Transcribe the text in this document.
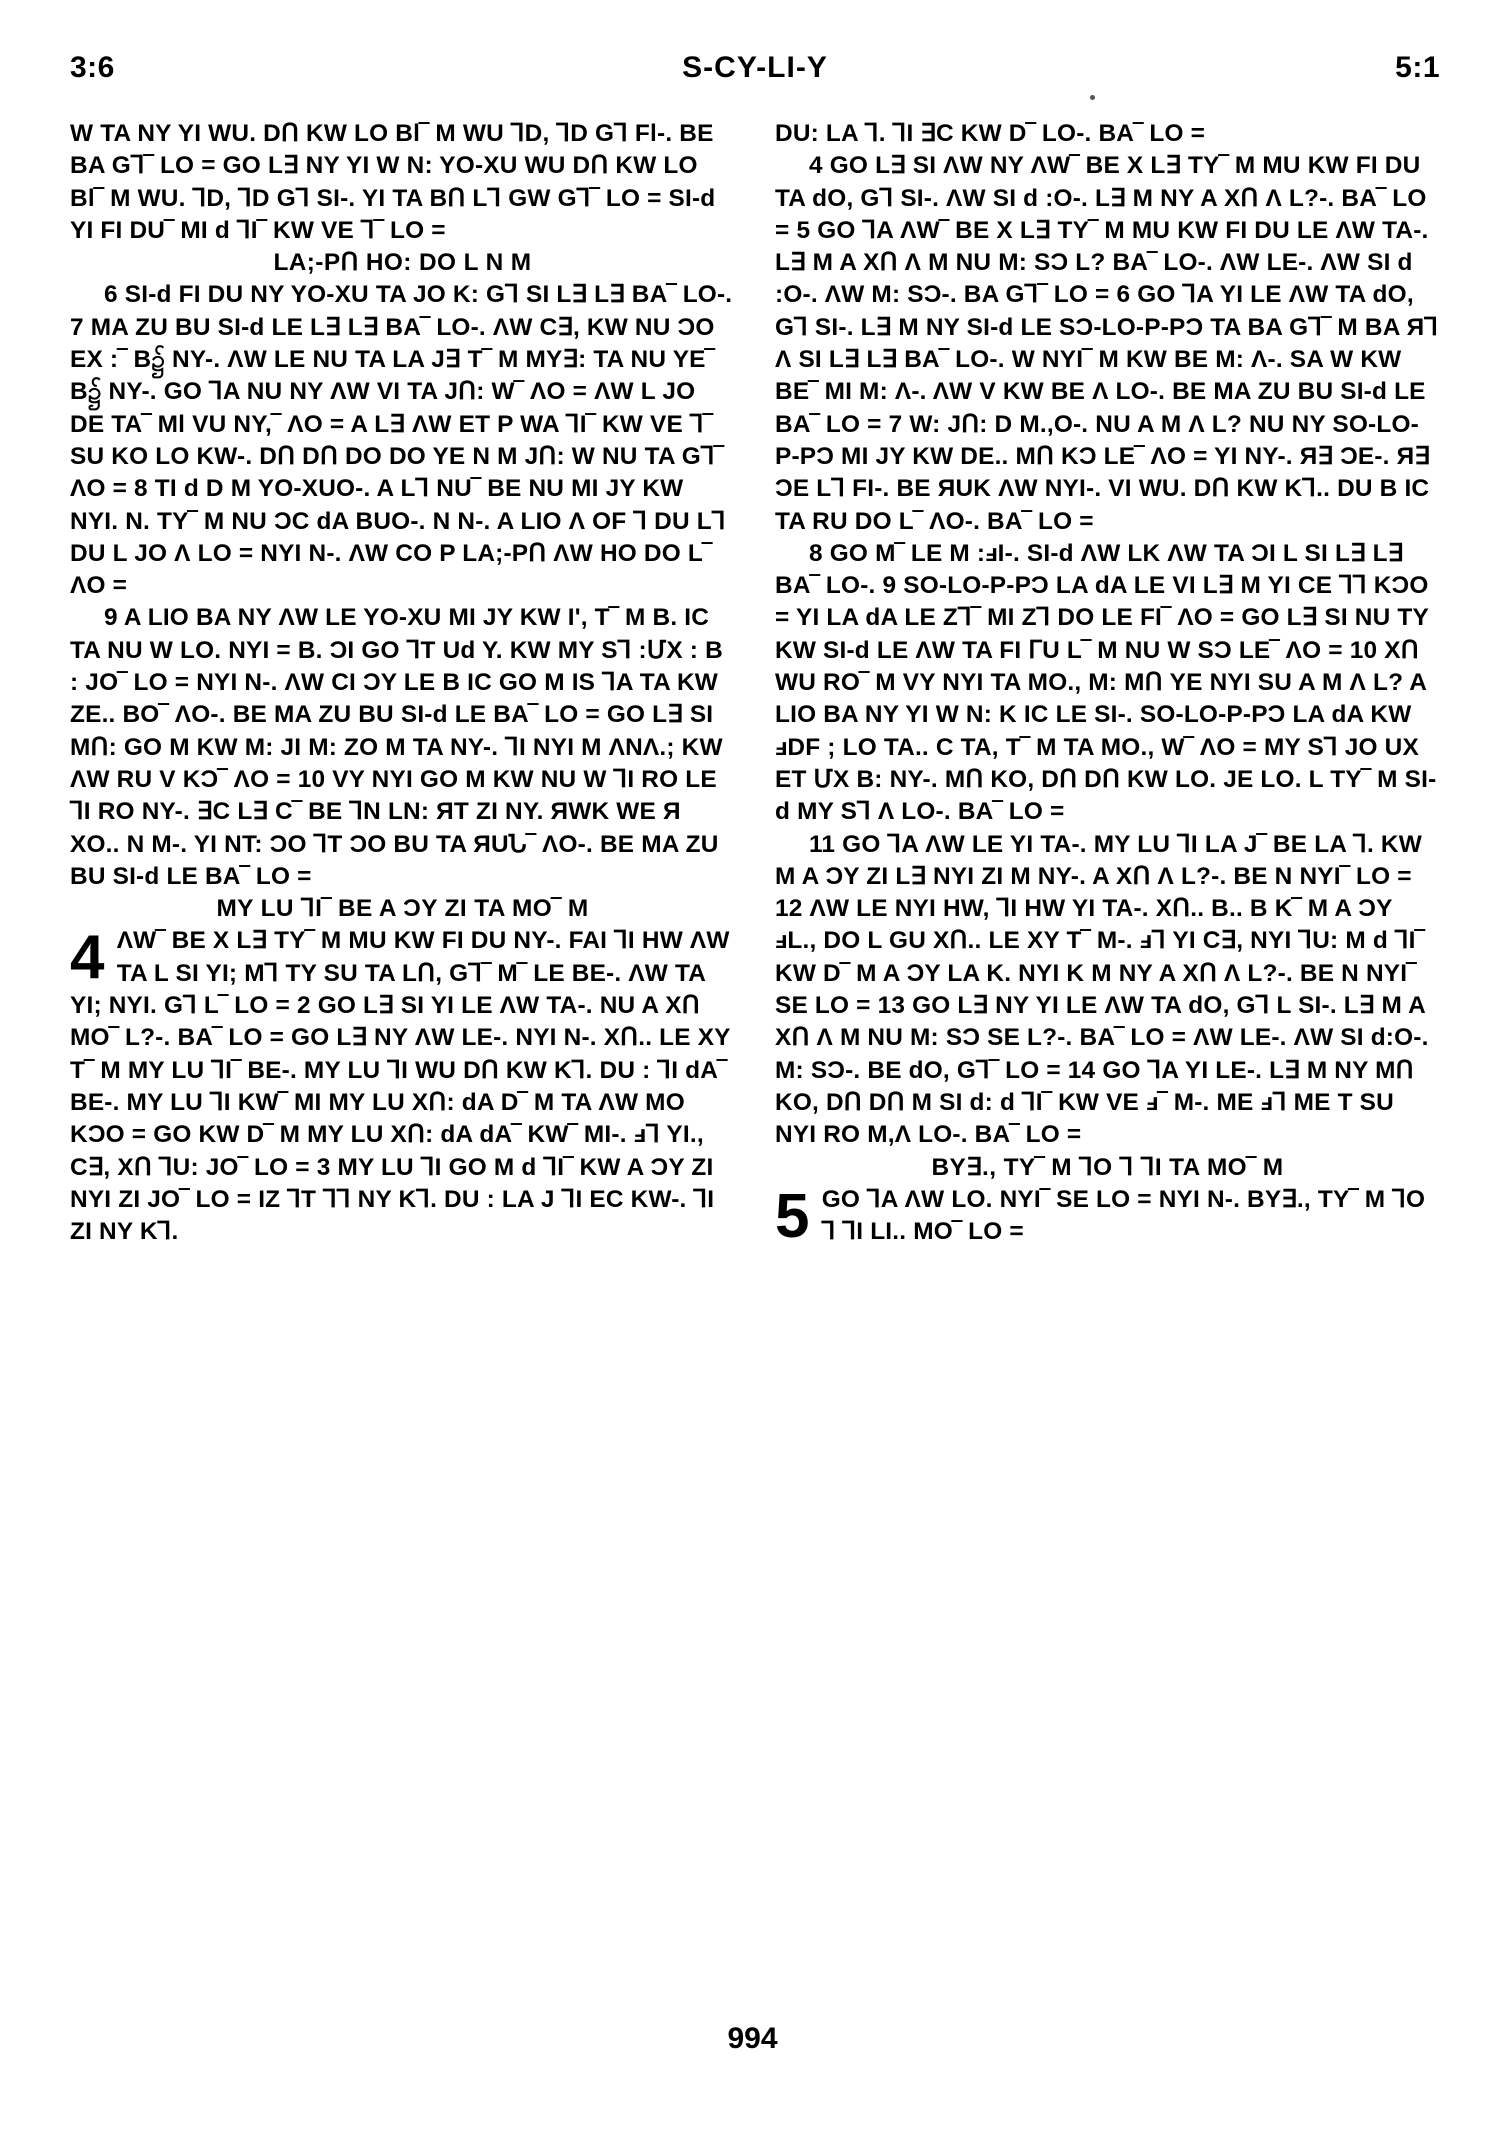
3:6	S-CY-LI-Y	5:1

W TA NY YI WU. DՈ KW LO Bl‾ M WU ⅂D, ⅂D G⅂ Fl-. BE BA G⅂‾ LO = GO L∃ NY YI W N: YO-XU WU DՈ KW LO Bl‾ M WU. ⅂D, ⅂D G⅂ SI-. YI TA BՈ L⅂ GW G⅂‾ LO = SI-d YI FI DU‾ MI d ⅂I‾ KW VE ⅂‾ LO =

LA;-PՈ HO: DO L N M

6 SI-d FI DU NY YO-XU TA JO K: G⅂ SI L∃ L∃ BA‾ LO-. 7 MA ZU BU SI-d LE L∃ L∃ BA‾ LO-. ΛW C∃, KW NU ƆO EX :‾ B၌ NY-. ΛW LE NU TA LA J∃ T‾ M MY∃: TA NU YE‾ B၌ NY-. GO ⅂A NU NY ΛW VI TA JՈ: W‾ ΛO = ΛW L JO DE TA‾ Ml VU NY,‾ ΛO = A L∃ ΛW ET P WA ⅂I‾ KW VE ⅂‾ SU KO LO KW-. DՈ DՈ DO DO YE N M JՈ: W NU TA G⅂‾ ΛO = 8 TI d D M YO-XUO-. A L⅂ NU‾ BE NU MI JY KW NYI. N. TY‾ M NU ƆC dA BUO-. N N-. A LIO Λ OF ⅂ DU L⅂ DU L JO Λ LO = NYI N-. ΛW CO P LA;-PՈ ΛW HO DO L‾ ΛO =

9 A LIO BA NY ΛW LE YO-XU MI JY KW I', T‾ M B. IC TA NU W LO. NYI = B. ƆI GO ⅂T Ud Y. KW MY S⅂ :ՄX : B : JO‾ LO = NYI N-. ΛW CI ƆY LE B IC GO M IS ⅂A TA KW ZE.. BO‾ ΛO-. BE MA ZU BU SI-d LE BA‾ LO = GO L∃ SI MՈ: GO M KW M: JI M: ZO M TA NY-. ⅂I NYI M ΛNΛ.; KW ΛW RU V KƆ‾ ΛO = 10 VY NYI GO M KW NU W ⅂I RO LE ⅂I RO NY-. ∃C L∃ C‾ BE ⅂N LN: ЯT ZI NY. ЯWK WE Я XO.. N M-. YI NT: ƆO ⅂T ƆO BU TA ЯUՆ‾ ΛO-. BE MA ZU BU SI-d LE BA‾ LO =

MY LU ⅂I‾ BE A ƆY ZI TA MO‾ M

4 ΛW‾ BE X L∃ TY‾ M MU KW FI DU NY-. FAI ⅂I HW ΛW TA L SI YI; M⅂ TY SU TA LՈ, G⅂‾ M‾ LE BE-. ΛW TA YI; NYI. G⅂ L‾ LO = 2 GO L∃ SI YI LE ΛW TA-. NU A XՈ MO‾ L?-. BA‾ LO = GO L∃ NY ΛW LE-. NYI N-. XՈ.. LE XY T‾ M MY LU ⅂I‾ BE-. MY LU ⅂I WU DՈ KW K⅂. DU : ⅂I dA‾ BE-. MY LU ⅂I KW‾ MI MY LU XՈ: dA D‾ M TA ΛW MO KƆO = GO KW D‾ M MY LU XՈ: dA dA‾ KW‾ MI-. ⅎ⅂ YI., C∃, XՈ ⅂U: JO‾ LO = 3 MY LU ⅂I GO M d ⅂I‾ KW A ƆY ZI NYI ZI JO‾ LO = IZ ⅂T ⅂⅂ NY K⅂. DU : LA J ⅂I EC KW-. ⅂I ZI NY K⅂.

DU: LA ⅂. ⅂I ∃C KW D‾ LO-. BA‾ LO =

4 GO L∃ SI ΛW NY ΛW‾ BE X L∃ TY‾ M MU KW FI DU TA dO, G⅂ SI-. ΛW SI d :O-. L∃ M NY A XՈ Λ L?-. BA‾ LO = 5 GO ⅂A ΛW‾ BE X L∃ TY‾ M MU KW FI DU LE ΛW TA-. L∃ M A XՈ Λ M NU M: SƆ L? BA‾ LO-. ΛW LE-. ΛW SI d :O-. ΛW M: SƆ-. BA G⅂‾ LO = 6 GO ⅂A YI LE ΛW TA dO, G⅂ SI-. L∃ M NY SI-d LE SƆ-LO-P-PƆ TA BA G⅂‾ M BA Я⅂ Λ SI L∃ L∃ BA‾ LO-. W NYI‾ M KW BE M: Λ-. SA W KW BE‾ MI M: Λ-. ΛW V KW BE Λ LO-. BE MA ZU BU SI-d LE BA‾ LO = 7 W: JՈ: D M.,O-. NU A M Λ L? NU NY SO-LO-P-PƆ MI JY KW DE.. MՈ KƆ LE‾ ΛO = YI NY-. Я∃ ƆE-. Я∃ ƆE L⅂ FI-. BE ЯUK ΛW NYI-. VI WU. DՈ KW K⅂.. DU B IC TA RU DO L‾ ΛO-. BA‾ LO =

8 GO M‾ LE M :ⅎI-. SI-d ΛW LK ΛW TA ƆI L SI L∃ L∃ BA‾ LO-. 9 SO-LO-P-PƆ LA dA LE VI L∃ M YI CE ⅂⅂ KƆO = YI LA dA LE Z⅂‾ MI Z⅂ DO LE FI‾ ΛO = GO L∃ SI NU TY KW SI-d LE ΛW TA FI ᒥU L‾ M NU W SƆ LE‾ ΛO = 10 XՈ WU RO‾ M VY NYI TA MO., M: MՈ YE NYI SU A M Λ L? A LIO BA NY YI W N: K IC LE SI-. SO-LO-P-PƆ LA dA KW ⅎDF ; LO TA.. C TA, T‾ M TA MO., W‾ ΛO = MY S⅂ JO UX ET ՄX B: NY-. MՈ KO, DՈ DՈ KW LO. JE LO. L TY‾ M SI-d MY S⅂ Λ LO-. BA‾ LO =

11 GO ⅂A ΛW LE YI TA-. MY LU ⅂I LA J‾ BE LA ⅂. KW M A ƆY ZI L∃ NYI ZI M NY-. A XՈ Λ L?-. BE N NYI‾ LO = 12 ΛW LE NYI HW, ⅂I HW YI TA-. XՈ.. B.. B K‾ M A ƆY ⅎL., DO L GU XՈ.. LE XY T‾ M-. ⅎ⅂ YI C∃, NYI ⅂U: M d ⅂I‾ KW D‾ M A ƆY LA K. NYI K M NY A XՈ Λ L?-. BE N NYI‾ SE LO = 13 GO L∃ NY YI LE ΛW TA dO, G⅂ L SI-. L∃ M A XՈ Λ M NU M: SƆ SE L?-. BA‾ LO = ΛW LE-. ΛW SI d:O-. M: SƆ-. BE dO, G⅂‾ LO = 14 GO ⅂A YI LE-. L∃ M NY MՈ KO, DՈ DՈ M SI d: d ⅂I‾ KW VE ⅎ‾ M-. ME ⅎ⅂ ME T SU NYI RO M,Λ LO-. BA‾ LO =

BY∃., TY‾ M ⅂O ⅂ ⅂I TA MO‾ M

5 GO ⅂A ΛW LO. NYI‾ SE LO = NYI N-. BY∃., TY‾ M ⅂O ⅂ ⅂I LI.. MO‾ LO =

994
